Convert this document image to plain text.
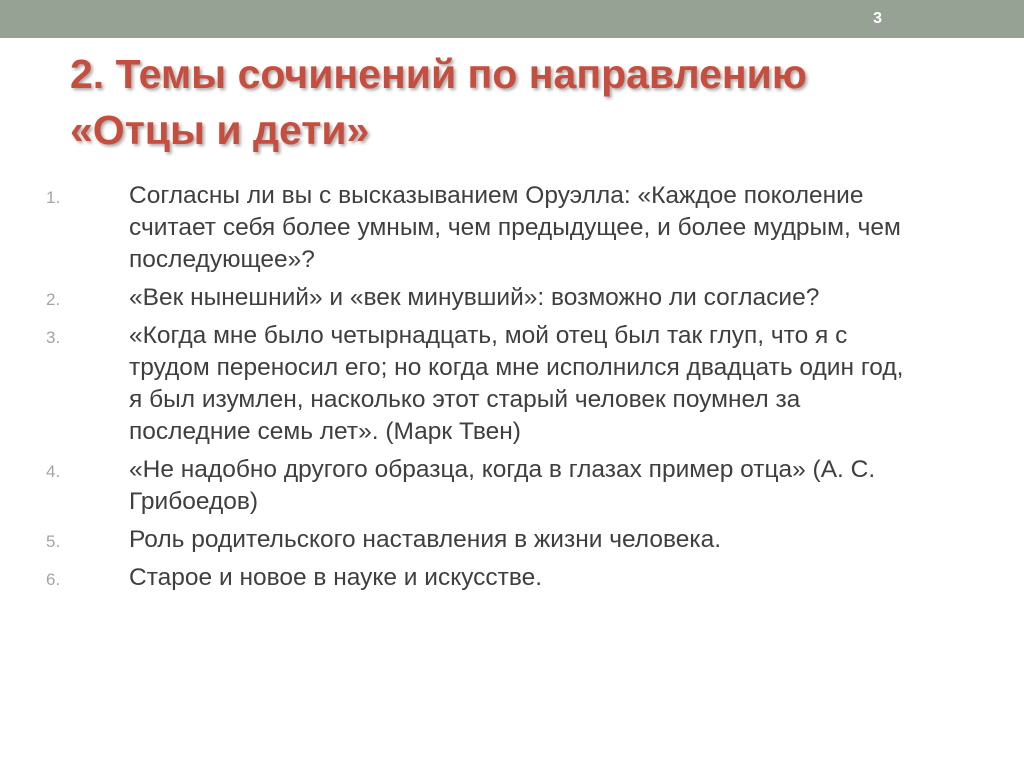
3
2. Темы сочинений по направлению
«Отцы и дети»
1.	Согласны ли вы с высказыванием Оруэлла: «Каждое поколение
считает себя более умным, чем предыдущее, и более мудрым, чем
последующее»?
2.	«Век нынешний» и «век минувший»: возможно ли согласие?
3.	«Когда мне было четырнадцать, мой отец был так глуп, что я с
трудом переносил его; но когда мне исполнился двадцать один год,
я был изумлен, насколько этот старый человек поумнел за
последние семь лет». (Марк Твен)
4.	«Не надобно другого образца, когда в глазах пример отца» (А. С.
Грибоедов)
5.	Роль родительского наставления в жизни человека.
6.	Старое и новое в науке и искусстве.
